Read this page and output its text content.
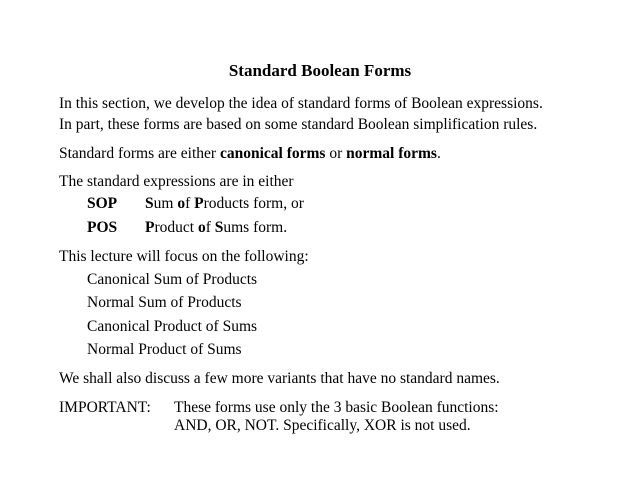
Standard Boolean Forms
In this section, we develop the idea of standard forms of Boolean expressions.
In part, these forms are based on some standard Boolean simplification rules.
Standard forms are either canonical forms or normal forms.
The standard expressions are in either
SOP Sum of Products form, or
POS Product of Sums form.
This lecture will focus on the following:
Canonical Sum of Products
Normal Sum of Products
Canonical Product of Sums
Normal Product of Sums
We shall also discuss a few more variants that have no standard names.
IMPORTANT: These forms use only the 3 basic Boolean functions:
AND, OR, NOT. Specifically, XOR is not used.
